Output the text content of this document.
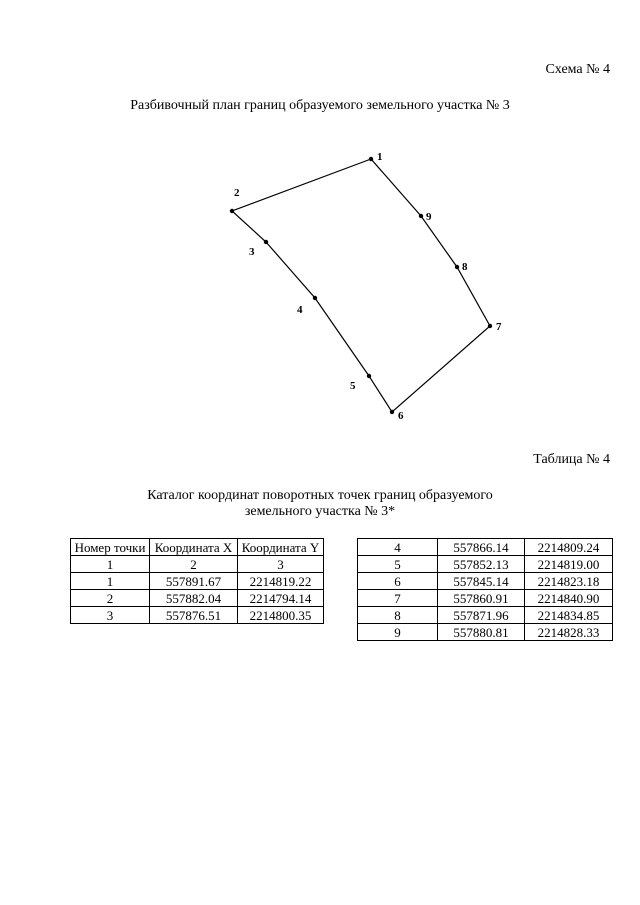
Схема № 4
Разбивочный план границ образуемого земельного участка № 3
1
2
3
4
5
6
7
8
9
Таблица № 4
Каталог координат поворотных точек границ образуемого
земельного участка № 3*
Номер точки	Координата X	Координата Y
1	2	3
1	557891.67	2214819.22
2	557882.04	2214794.14
3	557876.51	2214800.35
4	557866.14	2214809.24
5	557852.13	2214819.00
6	557845.14	2214823.18
7	557860.91	2214840.90
8	557871.96	2214834.85
9	557880.81	2214828.33
